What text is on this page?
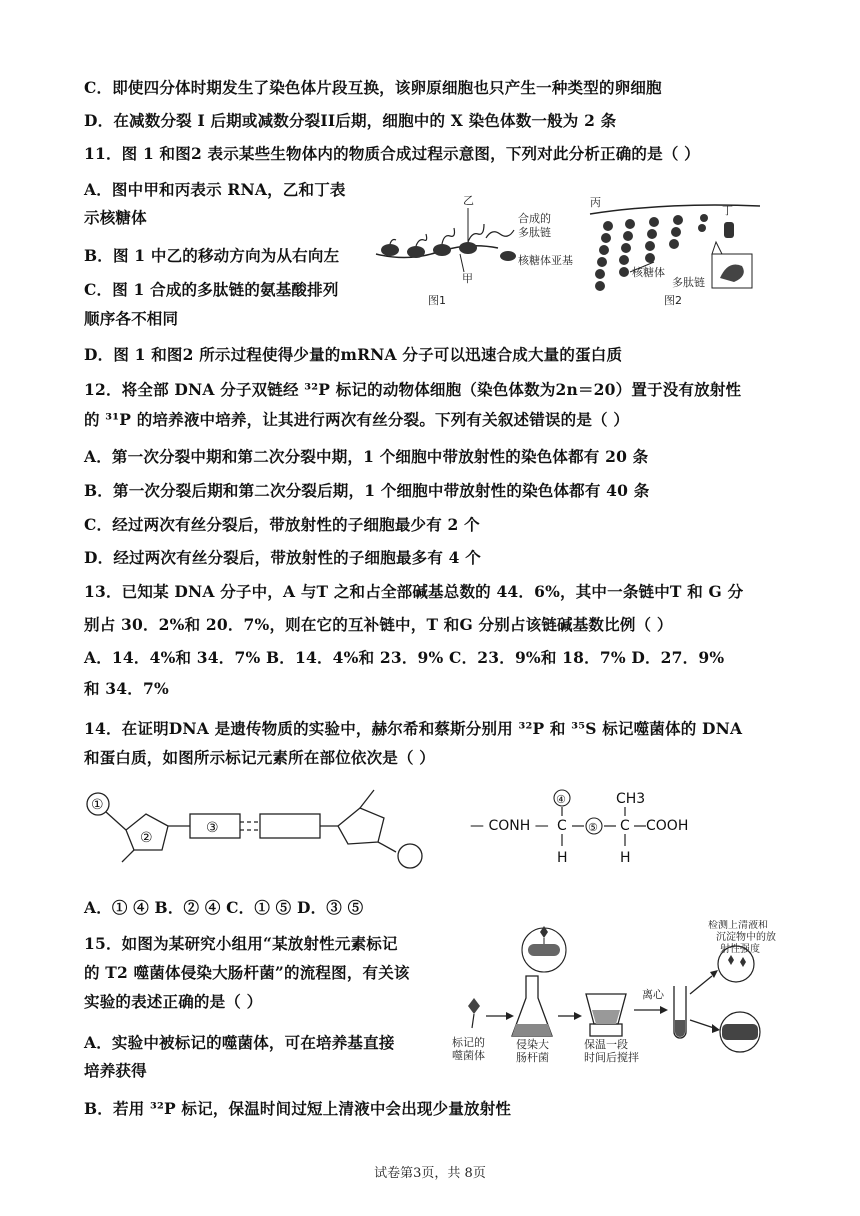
C．即使四分体时期发生了染色体片段互换，该卵原细胞也只产生一种类型的卵细胞
D．在减数分裂 I 后期或减数分裂II后期，细胞中的 X 染色体数一般为 2 条
11．图 1 和图2 表示某些生物体内的物质合成过程示意图，下列对此分析正确的是（ ）
A．图中甲和丙表示 RNA，乙和丁表
示核糖体
B．图 1 中乙的移动方向为从右向左
C．图 1 合成的多肽链的氨基酸排列
顺序各不相同
D．图 1 和图2 所示过程使得少量的mRNA 分子可以迅速合成大量的蛋白质
12．将全部 DNA 分子双链经 ³²P 标记的动物体细胞（染色体数为2n＝20）置于没有放射性
的 ³¹P 的培养液中培养，让其进行两次有丝分裂。下列有关叙述错误的是（ ）
A．第一次分裂中期和第二次分裂中期，1 个细胞中带放射性的染色体都有 20 条
B．第一次分裂后期和第二次分裂后期，1 个细胞中带放射性的染色体都有 40 条
C．经过两次有丝分裂后，带放射性的子细胞最少有 2 个
D．经过两次有丝分裂后，带放射性的子细胞最多有 4 个
13．已知某 DNA 分子中，A 与T 之和占全部碱基总数的 44．6%，其中一条链中T 和 G 分
别占 30．2%和 20．7%，则在它的互补链中，T 和G 分别占该链碱基数比例（ ）
A．14．4%和 34．7% B．14．4%和 23．9% C．23．9%和 18．7% D．27．9%
和 34．7%
14．在证明DNA 是遗传物质的实验中，赫尔希和蔡斯分别用 ³²P 和 ³⁵S 标记噬菌体的 DNA
和蛋白质，如图所示标记元素所在部位依次是（ ）
A．① ④ B．② ④ C．① ⑤ D．③ ⑤
15．如图为某研究小组用“某放射性元素标记
的 T2 噬菌体侵染大肠杆菌”的流程图，有关该
实验的表述正确的是（ ）
A．实验中被标记的噬菌体，可在培养基直接
培养获得
B．若用 ³²P 标记，保温时间过短上清液中会出现少量放射性
乙
甲
合成的
多肽链
核糖体亚基
图1
丙
丁
核糖体
多肽链
图2
①
②
③	— CONH —
④
C
H
⑤
CH3
C
H
COOH
标记的
噬菌体
侵染大
肠杆菌
保温一段
时间后搅拌
离心
检测上清液和
沉淀物中的放
射性强度
试卷第3页，共 8页
